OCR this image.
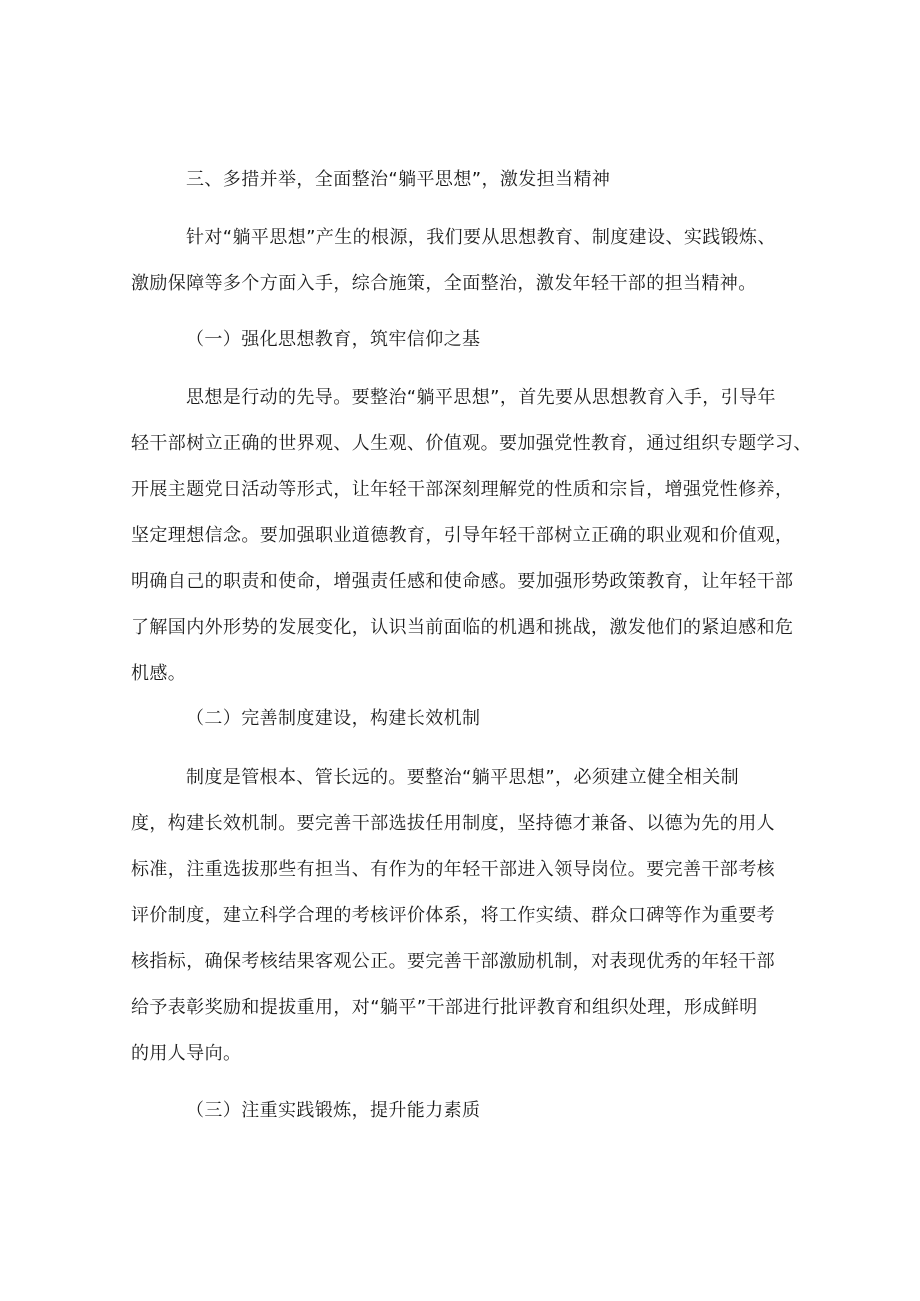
三、多措并举，全面整治“躺平思想”，激发担当精神
针对“躺平思想”产生的根源，我们要从思想教育、制度建设、实践锻炼、
激励保障等多个方面入手，综合施策，全面整治，激发年轻干部的担当精神。
（一）强化思想教育，筑牢信仰之基
思想是行动的先导。要整治“躺平思想”，首先要从思想教育入手，引导年
轻干部树立正确的世界观、人生观、价值观。要加强党性教育，通过组织专题学习、
开展主题党日活动等形式，让年轻干部深刻理解党的性质和宗旨，增强党性修养，
坚定理想信念。要加强职业道德教育，引导年轻干部树立正确的职业观和价值观，
明确自己的职责和使命，增强责任感和使命感。要加强形势政策教育，让年轻干部
了解国内外形势的发展变化，认识当前面临的机遇和挑战，激发他们的紧迫感和危
机感。
（二）完善制度建设，构建长效机制
制度是管根本、管长远的。要整治“躺平思想”，必须建立健全相关制
度，构建长效机制。要完善干部选拔任用制度，坚持德才兼备、以德为先的用人
标准，注重选拔那些有担当、有作为的年轻干部进入领导岗位。要完善干部考核
评价制度，建立科学合理的考核评价体系，将工作实绩、群众口碑等作为重要考
核指标，确保考核结果客观公正。要完善干部激励机制，对表现优秀的年轻干部
给予表彰奖励和提拔重用，对“躺平”干部进行批评教育和组织处理，形成鲜明
的用人导向。
（三）注重实践锻炼，提升能力素质
